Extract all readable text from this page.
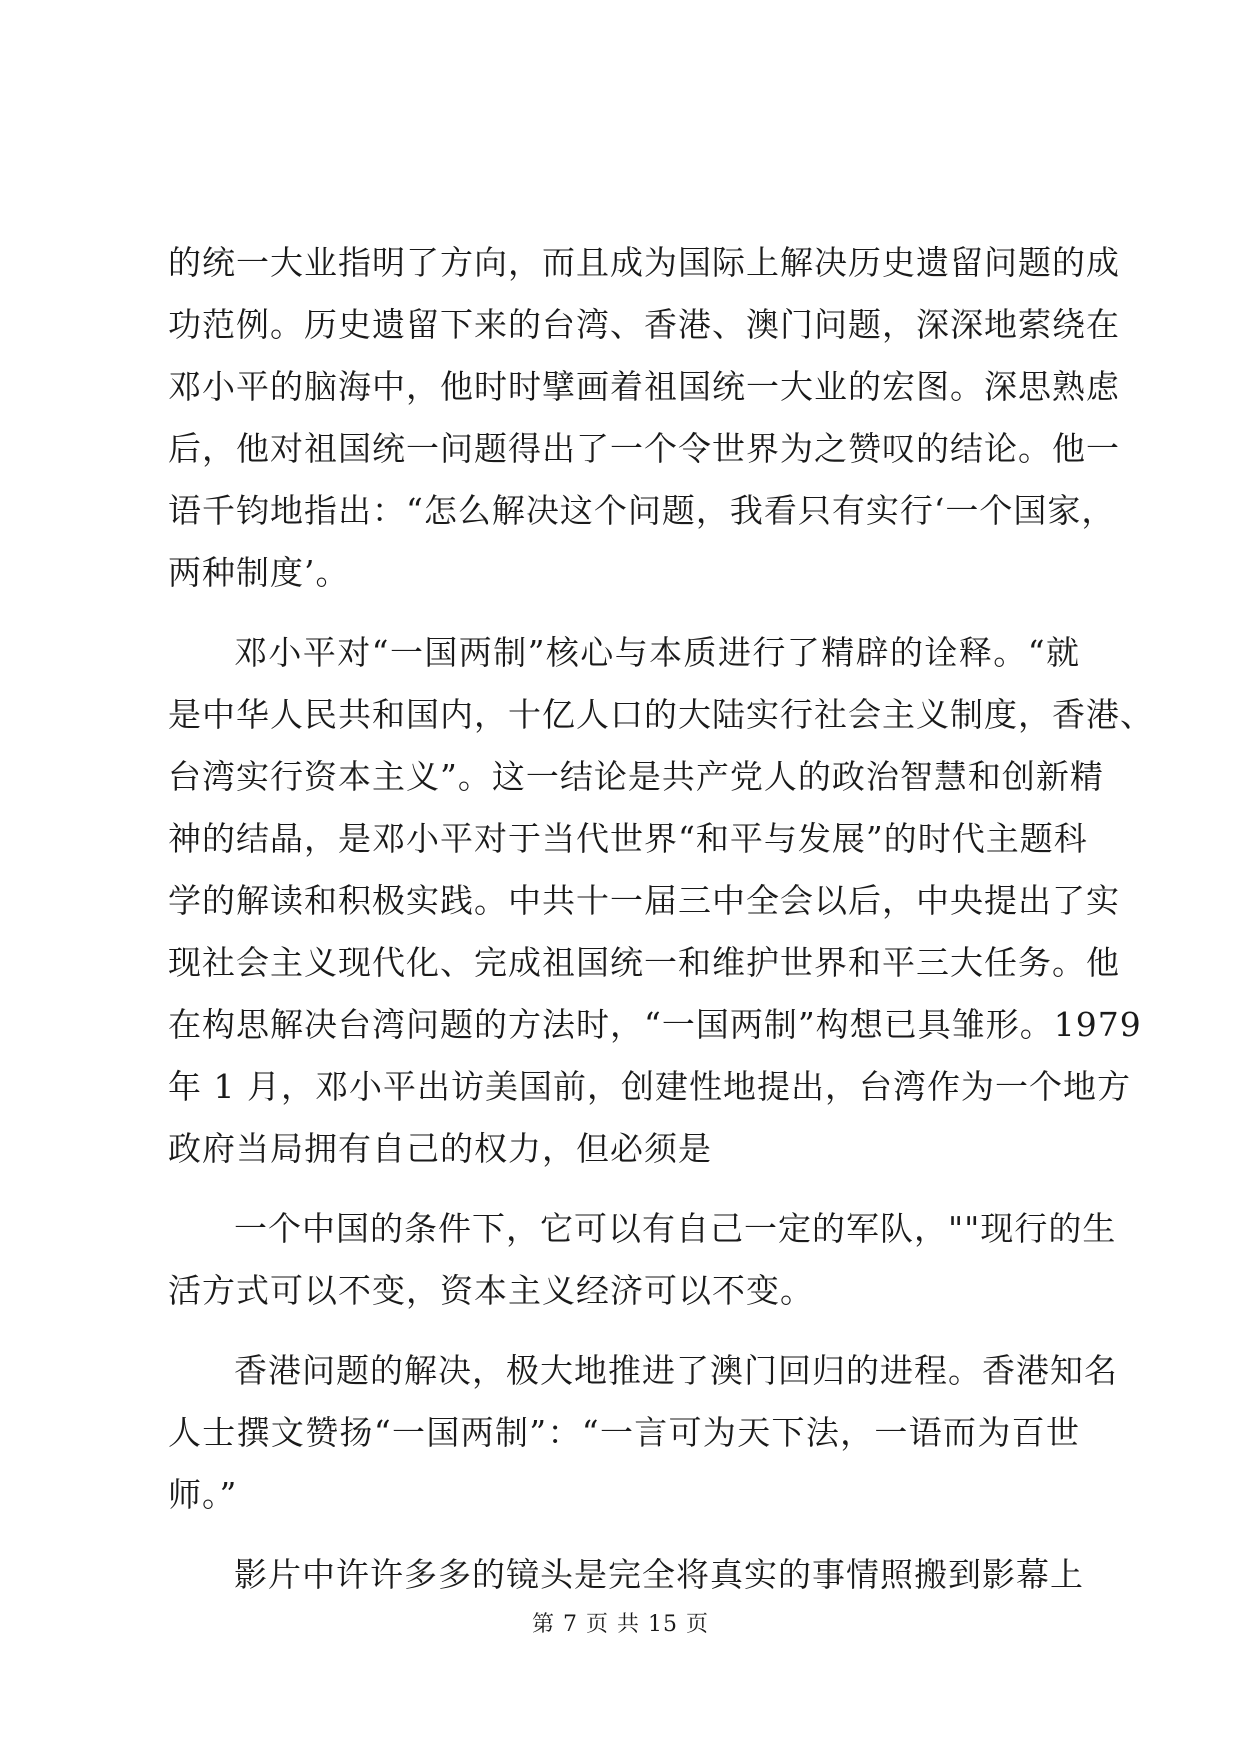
的统一大业指明了方向，而且成为国际上解决历史遗留问题的成
功范例。历史遗留下来的台湾、香港、澳门问题，深深地萦绕在
邓小平的脑海中，他时时擘画着祖国统一大业的宏图。深思熟虑
后，他对祖国统一问题得出了一个令世界为之赞叹的结论。他一
语千钧地指出：“怎么解决这个问题，我看只有实行‘一个国家，
两种制度’。
邓小平对“一国两制”核心与本质进行了精辟的诠释。“就
是中华人民共和国内，十亿人口的大陆实行社会主义制度，香港、
台湾实行资本主义”。这一结论是共产党人的政治智慧和创新精
神的结晶，是邓小平对于当代世界“和平与发展”的时代主题科
学的解读和积极实践。中共十一届三中全会以后，中央提出了实
现社会主义现代化、完成祖国统一和维护世界和平三大任务。他
在构思解决台湾问题的方法时，“一国两制”构想已具雏形。1979
年 1 月，邓小平出访美国前，创建性地提出，台湾作为一个地方
政府当局拥有自己的权力，但必须是
一个中国的条件下，它可以有自己一定的军队，""现行的生
活方式可以不变，资本主义经济可以不变。
香港问题的解决，极大地推进了澳门回归的进程。香港知名
人士撰文赞扬“一国两制”：“一言可为天下法，一语而为百世
师。”
影片中许许多多的镜头是完全将真实的事情照搬到影幕上
第 7 页 共 15 页
